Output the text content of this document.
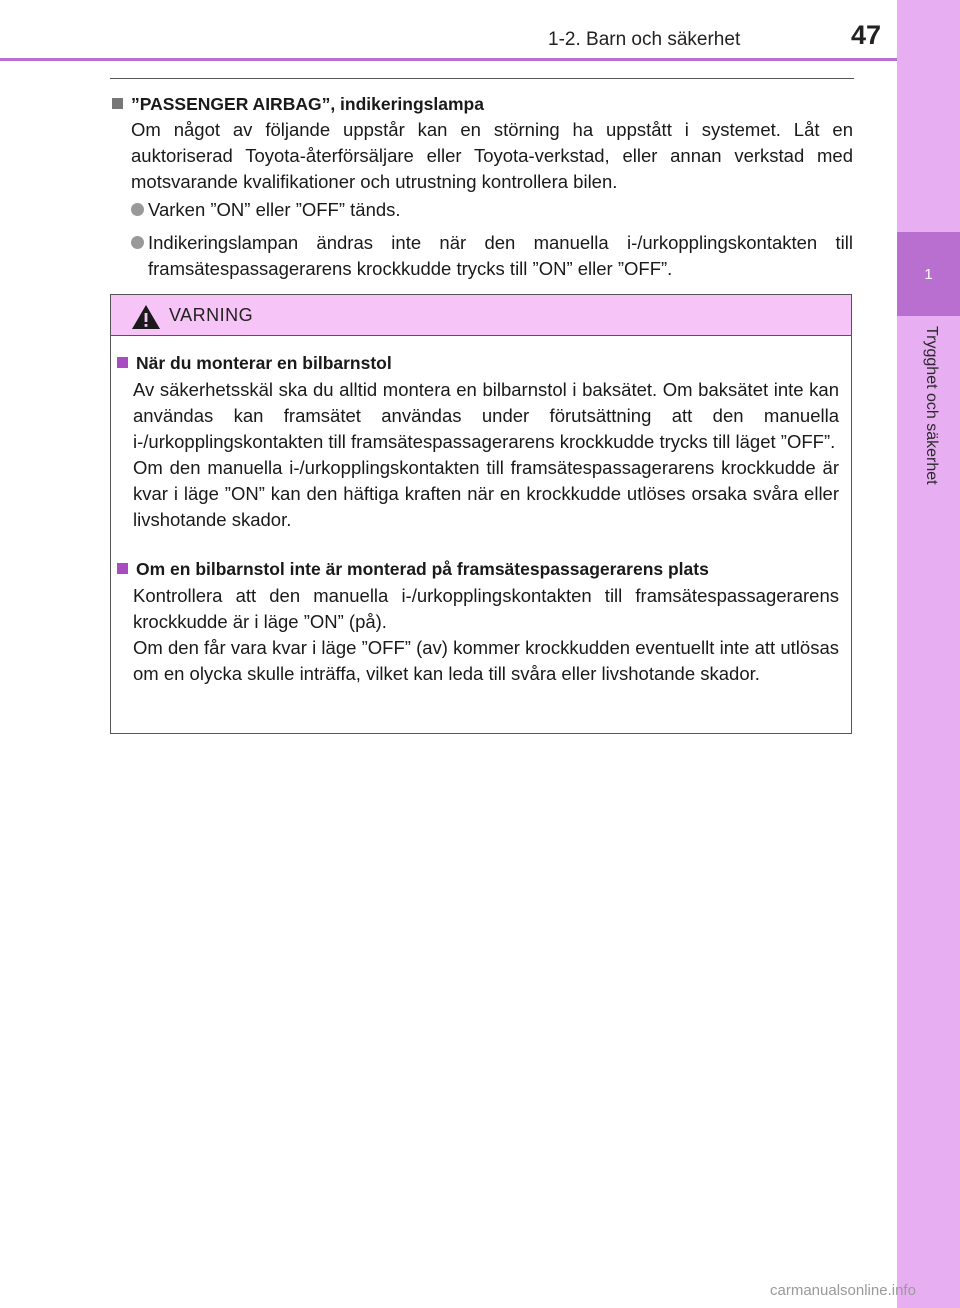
1
Trygghet och säkerhet
1-2. Barn och säkerhet	47
”PASSENGER AIRBAG”, indikeringslampa
Om något av följande uppstår kan en störning ha uppstått i systemet. Låt en auktoriserad Toyota-återförsäljare eller Toyota-verkstad, eller annan verkstad med motsvarande kvalifikationer och utrustning kontrollera bilen.
Varken ”ON” eller ”OFF” tänds.
Indikeringslampan ändras inte när den manuella i-/urkopplingskontakten till framsätespassagerarens krockkudde trycks till ”ON” eller ”OFF”.
VARNING
När du monterar en bilbarnstol
Av säkerhetsskäl ska du alltid montera en bilbarnstol i baksätet. Om baksätet inte kan användas kan framsätet användas under förutsättning att den manuella i-/urkopplingskontakten till framsätespassagerarens krockkudde trycks till läget ”OFF”.
Om den manuella i-/urkopplingskontakten till framsätespassagerarens krockkudde är kvar i läge ”ON” kan den häftiga kraften när en krockkudde utlöses orsaka svåra eller livshotande skador.
Om en bilbarnstol inte är monterad på framsätespassagerarens plats
Kontrollera att den manuella i-/urkopplingskontakten till framsätespassagerarens krockkudde är i läge ”ON” (på).
Om den får vara kvar i läge ”OFF” (av) kommer krockkudden eventuellt inte att utlösas om en olycka skulle inträffa, vilket kan leda till svåra eller livshotande skador.
carmanualsonline.info
